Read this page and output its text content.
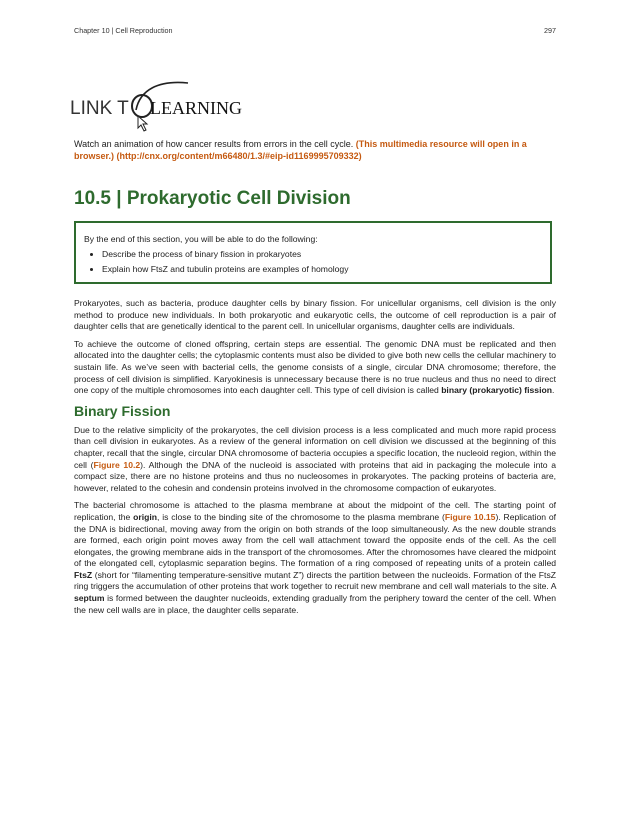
Chapter 10 | Cell Reproduction	297
LINK T LEARNING
Watch an animation of how cancer results from errors in the cell cycle. (This multimedia resource will open in a browser.) (http://cnx.org/content/m66480/1.3/#eip-id1169995709332)
10.5 | Prokaryotic Cell Division
By the end of this section, you will be able to do the following:
• Describe the process of binary fission in prokaryotes
• Explain how FtsZ and tubulin proteins are examples of homology

Prokaryotes, such as bacteria, produce daughter cells by binary fission. For unicellular organisms, cell division is the only method to produce new individuals. In both prokaryotic and eukaryotic cells, the outcome of cell reproduction is a pair of daughter cells that are genetically identical to the parent cell. In unicellular organisms, daughter cells are individuals.

To achieve the outcome of cloned offspring, certain steps are essential. The genomic DNA must be replicated and then allocated into the daughter cells; the cytoplasmic contents must also be divided to give both new cells the cellular machinery to sustain life. As we’ve seen with bacterial cells, the genome consists of a single, circular DNA chromosome; therefore, the process of cell division is simplified. Karyokinesis is unnecessary because there is no true nucleus and thus no need to direct one copy of the multiple chromosomes into each daughter cell. This type of cell division is called binary (prokaryotic) fission.

Binary Fission

Due to the relative simplicity of the prokaryotes, the cell division process is a less complicated and much more rapid process than cell division in eukaryotes. As a review of the general information on cell division we discussed at the beginning of this chapter, recall that the single, circular DNA chromosome of bacteria occupies a specific location, the nucleoid region, within the cell (Figure 10.2). Although the DNA of the nucleoid is associated with proteins that aid in packaging the molecule into a compact size, there are no histone proteins and thus no nucleosomes in prokaryotes. The packing proteins of bacteria are, however, related to the cohesin and condensin proteins involved in the chromosome compaction of eukaryotes.

The bacterial chromosome is attached to the plasma membrane at about the midpoint of the cell. The starting point of replication, the origin, is close to the binding site of the chromosome to the plasma membrane (Figure 10.15). Replication of the DNA is bidirectional, moving away from the origin on both strands of the loop simultaneously. As the new double strands are formed, each origin point moves away from the cell wall attachment toward the opposite ends of the cell. As the cell elongates, the growing membrane aids in the transport of the chromosomes. After the chromosomes have cleared the midpoint of the elongated cell, cytoplasmic separation begins. The formation of a ring composed of repeating units of a protein called FtsZ (short for “filamenting temperature-sensitive mutant Z”) directs the partition between the nucleoids. Formation of the FtsZ ring triggers the accumulation of other proteins that work together to recruit new membrane and cell wall materials to the site. A septum is formed between the daughter nucleoids, extending gradually from the periphery toward the center of the cell. When the new cell walls are in place, the daughter cells separate.
